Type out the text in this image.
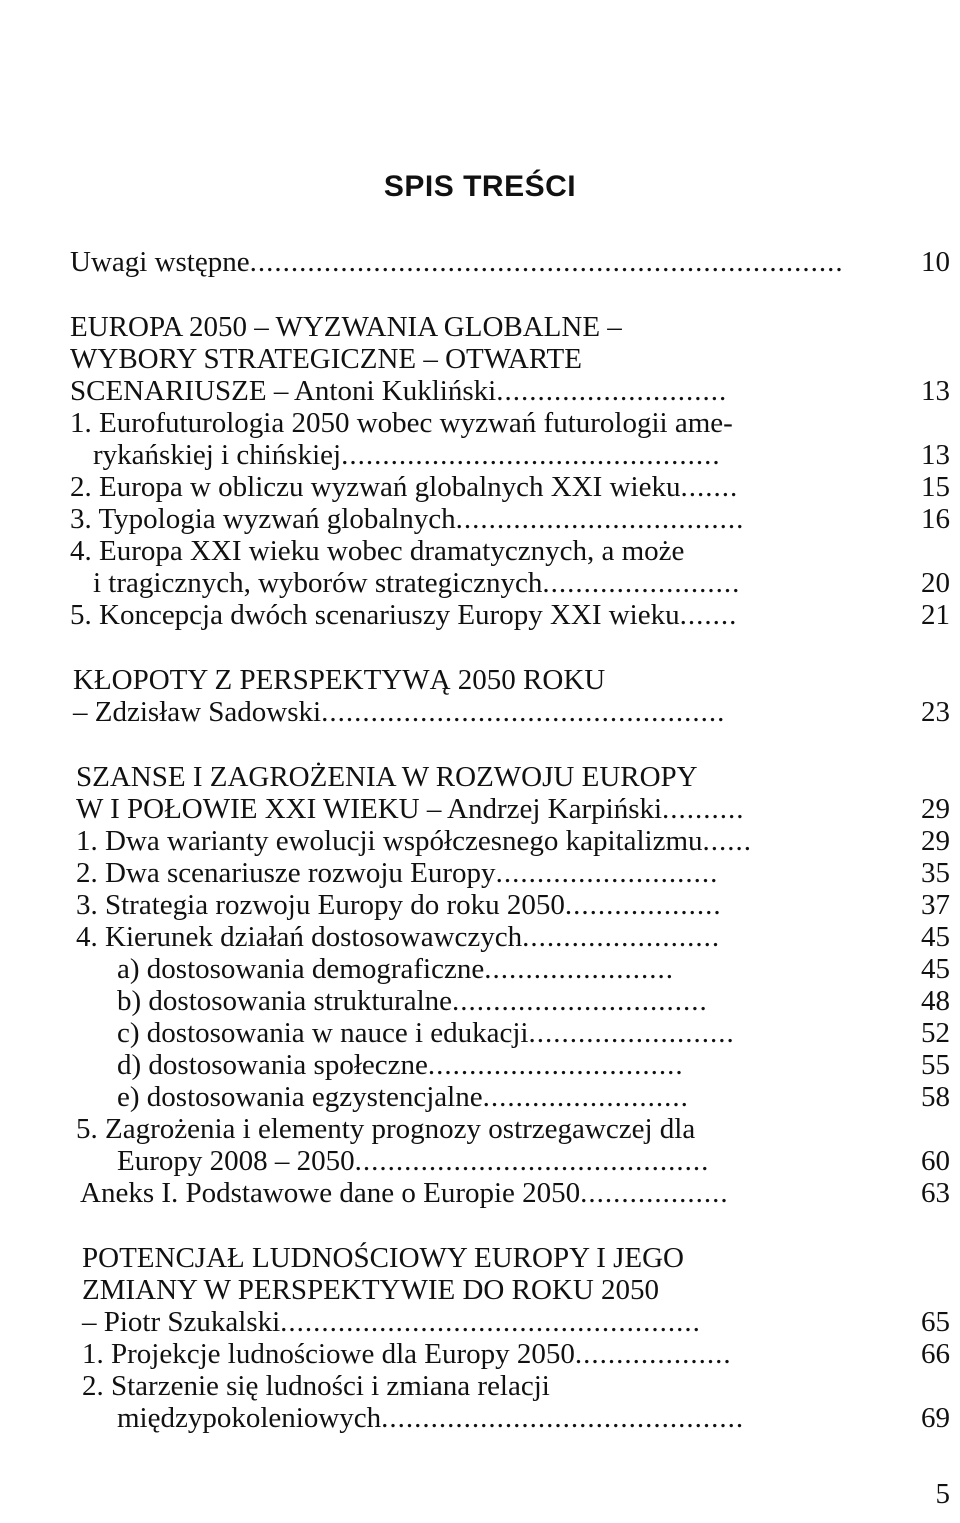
SPIS TREŚCI
Uwagi wstępne........................................................................	10
EUROPA 2050 – WYZWANIA GLOBALNE –
WYBORY STRATEGICZNE – OTWARTE
SCENARIUSZE – Antoni Kukliński............................	13
1. Eurofuturologia 2050 wobec wyzwań futurologii ame-
rykańskiej i chińskiej..............................................	13
2. Europa w obliczu wyzwań globalnych XXI wieku.......	15
3. Typologia wyzwań globalnych...................................	16
4. Europa XXI wieku wobec dramatycznych, a może
i tragicznych, wyborów strategicznych........................	20
5. Koncepcja dwóch scenariuszy Europy XXI wieku.......	21
KŁOPOTY Z PERSPEKTYWĄ 2050 ROKU
– Zdzisław Sadowski.................................................	23
SZANSE I ZAGROŻENIA W ROZWOJU EUROPY
W I POŁOWIE XXI WIEKU – Andrzej Karpiński..........	29
1. Dwa warianty ewolucji współczesnego kapitalizmu......	29
2. Dwa scenariusze rozwoju Europy...........................	35
3. Strategia rozwoju Europy do roku 2050...................	37
4. Kierunek działań dostosowawczych........................	45
a) dostosowania demograficzne.......................	45
b) dostosowania strukturalne...............................	48
c) dostosowania w nauce i edukacji.........................	52
d) dostosowania społeczne...............................	55
e) dostosowania egzystencjalne.........................	58
5. Zagrożenia i elementy prognozy ostrzegawczej dla
Europy 2008 – 2050...........................................	60
Aneks I. Podstawowe dane o Europie 2050..................	63
POTENCJAŁ LUDNOŚCIOWY EUROPY I JEGO
ZMIANY W PERSPEKTYWIE DO ROKU 2050
– Piotr Szukalski...................................................	65
1. Projekcje ludnościowe dla Europy 2050...................	66
2. Starzenie się ludności i zmiana relacji
międzypokoleniowych............................................	69
5
